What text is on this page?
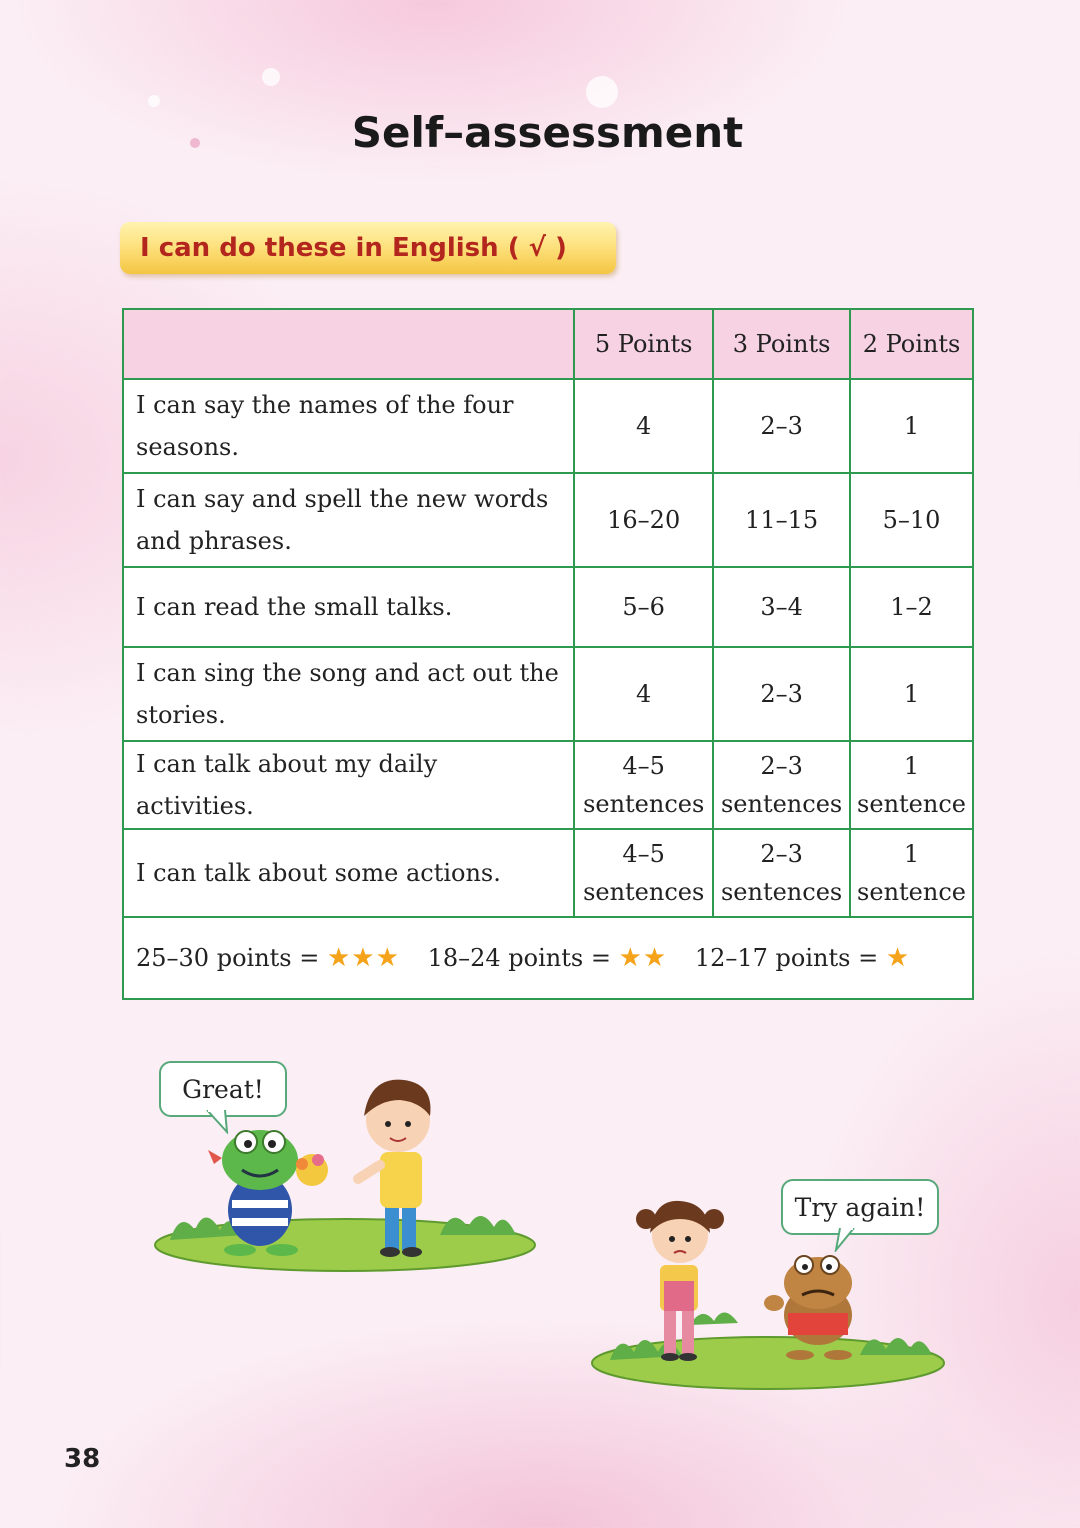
Self–assessment
I can do these in English ( √ )
	5 Points	3 Points	2 Points
I can say the names of the four seasons.	4	2–3	1
I can say and spell the new words and phrases.	16–20	11–15	5–10
I can read the small talks.	5–6	3–4	1–2
I can sing the song and act out the stories.	4	2–3	1
I can talk about my daily activities.	4–5 sentences	2–3 sentences	1 sentence
I can talk about some actions.	4–5 sentences	2–3 sentences	1 sentence
25–30 points = ★★★ 18–24 points = ★★ 12–17 points = ★			
Great!
Try again!
38
